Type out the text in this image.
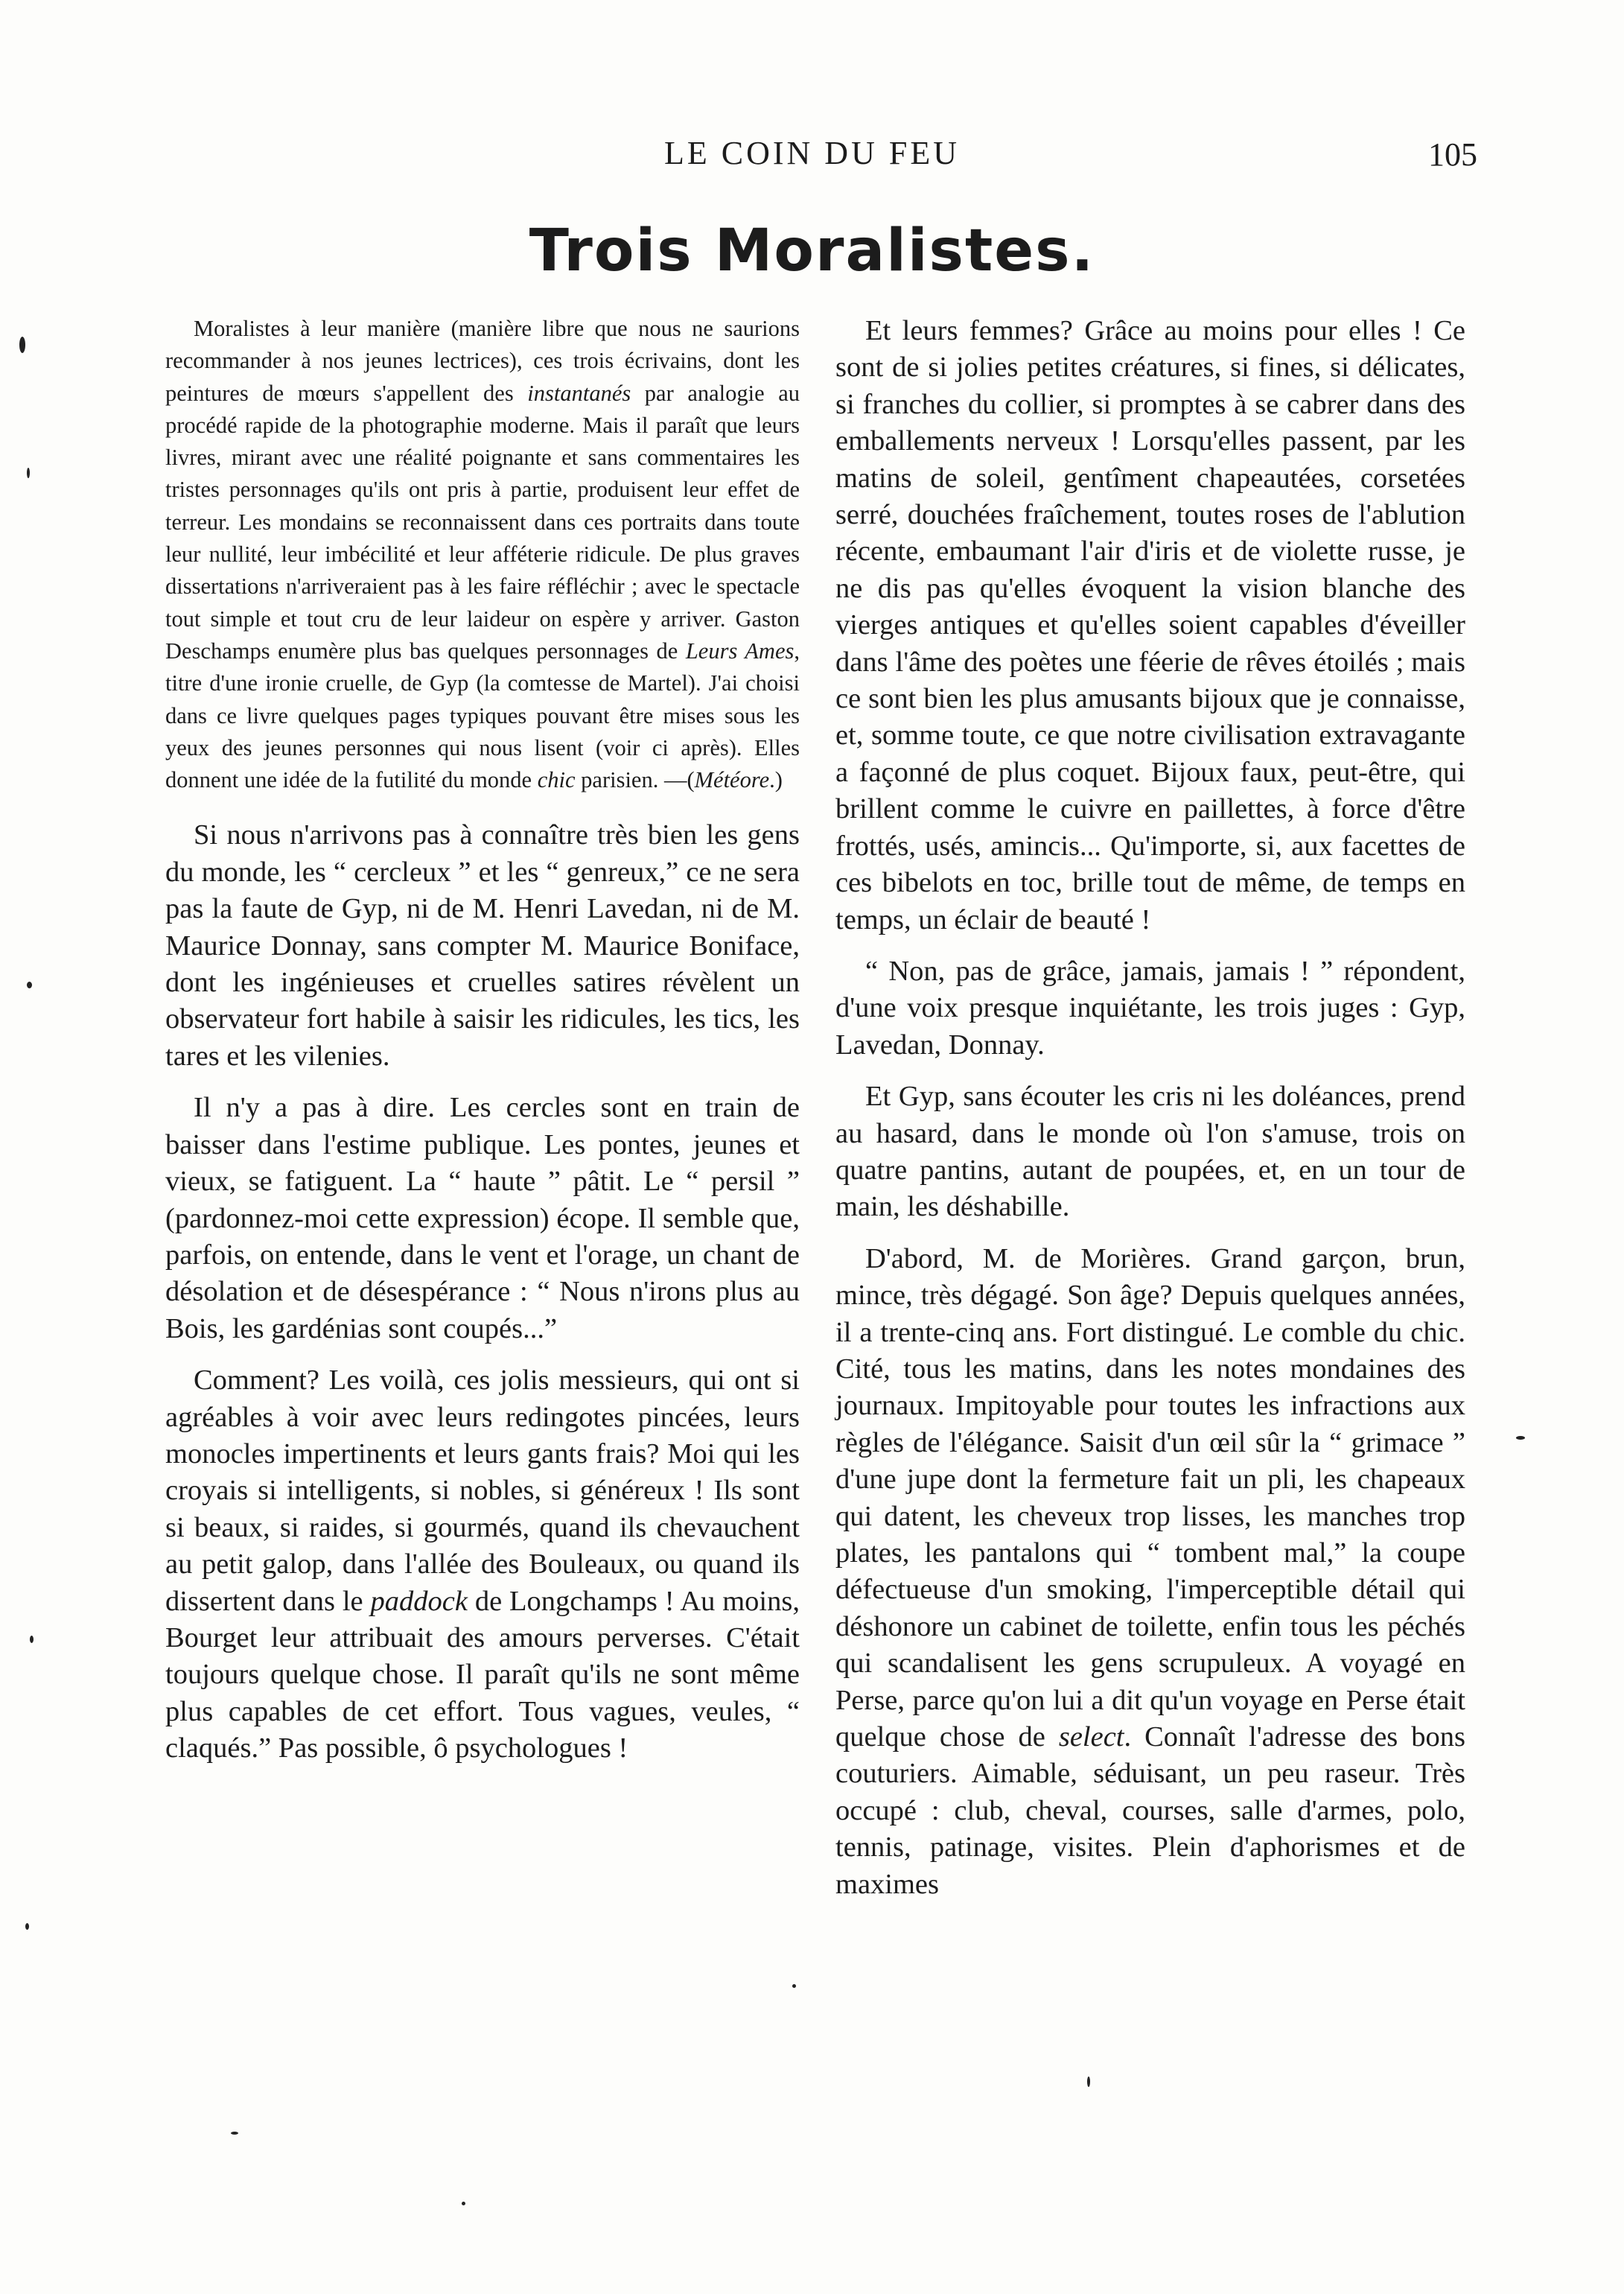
LE COIN DU FEU	105
Trois Moralistes.

Moralistes à leur manière (manière libre que nous ne saurions recommander à nos jeunes lectrices), ces trois écrivains, dont les peintures de mœurs s'appellent des instantanés par analogie au procédé rapide de la photographie moderne. Mais il paraît que leurs livres, mirant avec une réalité poignante et sans commentaires les tristes personnages qu'ils ont pris à partie, produisent leur effet de terreur. Les mondains se reconnaissent dans ces portraits dans toute leur nullité, leur imbécilité et leur afféterie ridicule. De plus graves dissertations n'arriveraient pas à les faire réfléchir ; avec le spectacle tout simple et tout cru de leur laideur on espère y arriver. Gaston Deschamps enumère plus bas quelques personnages de Leurs Ames, titre d'une ironie cruelle, de Gyp (la comtesse de Martel). J'ai choisi dans ce livre quelques pages typiques pouvant être mises sous les yeux des jeunes personnes qui nous lisent (voir ci après). Elles donnent une idée de la futilité du monde chic parisien. —(Météore.)

Si nous n'arrivons pas à connaître très bien les gens du monde, les “ cercleux ” et les “ genreux,” ce ne sera pas la faute de Gyp, ni de M. Henri Lavedan, ni de M. Maurice Donnay, sans compter M. Maurice Boniface, dont les ingénieuses et cruelles satires révèlent un observateur fort habile à saisir les ridicules, les tics, les tares et les vilenies.

Il n'y a pas à dire. Les cercles sont en train de baisser dans l'estime publique. Les pontes, jeunes et vieux, se fatiguent. La “ haute ” pâtit. Le “ persil ” (pardonnez-moi cette expression) écope. Il semble que, parfois, on entende, dans le vent et l'orage, un chant de désolation et de désespérance : “ Nous n'irons plus au Bois, les gardénias sont coupés...”

Comment? Les voilà, ces jolis messieurs, qui ont si agréables à voir avec leurs redingotes pincées, leurs monocles impertinents et leurs gants frais? Moi qui les croyais si intelligents, si nobles, si généreux ! Ils sont si beaux, si raides, si gourmés, quand ils chevauchent au petit galop, dans l'allée des Bouleaux, ou quand ils dissertent dans le paddock de Longchamps ! Au moins, Bourget leur attribuait des amours perverses. C'était toujours quelque chose. Il paraît qu'ils ne sont même plus capables de cet effort. Tous vagues, veules, “ claqués.” Pas possible, ô psychologues !

Et leurs femmes? Grâce au moins pour elles ! Ce sont de si jolies petites créatures, si fines, si délicates, si franches du collier, si promptes à se cabrer dans des emballements nerveux ! Lorsqu'elles passent, par les matins de soleil, gentîment chapeautées, corsetées serré, douchées fraîchement, toutes roses de l'ablution récente, embaumant l'air d'iris et de violette russe, je ne dis pas qu'elles évoquent la vision blanche des vierges antiques et qu'elles soient capables d'éveiller dans l'âme des poètes une féerie de rêves étoilés ; mais ce sont bien les plus amusants bijoux que je connaisse, et, somme toute, ce que notre civilisation extravagante a façonné de plus coquet. Bijoux faux, peut-être, qui brillent comme le cuivre en paillettes, à force d'être frottés, usés, amincis... Qu'importe, si, aux facettes de ces bibelots en toc, brille tout de même, de temps en temps, un éclair de beauté !

“ Non, pas de grâce, jamais, jamais ! ” répondent, d'une voix presque inquiétante, les trois juges : Gyp, Lavedan, Donnay.

Et Gyp, sans écouter les cris ni les doléances, prend au hasard, dans le monde où l'on s'amuse, trois on quatre pantins, autant de poupées, et, en un tour de main, les déshabille.

D'abord, M. de Morières. Grand garçon, brun, mince, très dégagé. Son âge? Depuis quelques années, il a trente-cinq ans. Fort distingué. Le comble du chic. Cité, tous les matins, dans les notes mondaines des journaux. Impitoyable pour toutes les infractions aux règles de l'élégance. Saisit d'un œil sûr la “ grimace ” d'une jupe dont la fermeture fait un pli, les chapeaux qui datent, les cheveux trop lisses, les manches trop plates, les pantalons qui “ tombent mal,” la coupe défectueuse d'un smoking, l'imperceptible détail qui déshonore un cabinet de toilette, enfin tous les péchés qui scandalisent les gens scrupuleux. A voyagé en Perse, parce qu'on lui a dit qu'un voyage en Perse était quelque chose de select. Connaît l'adresse des bons couturiers. Aimable, séduisant, un peu raseur. Très occupé : club, cheval, courses, salle d'armes, polo, tennis, patinage, visites. Plein d'aphorismes et de maximes
